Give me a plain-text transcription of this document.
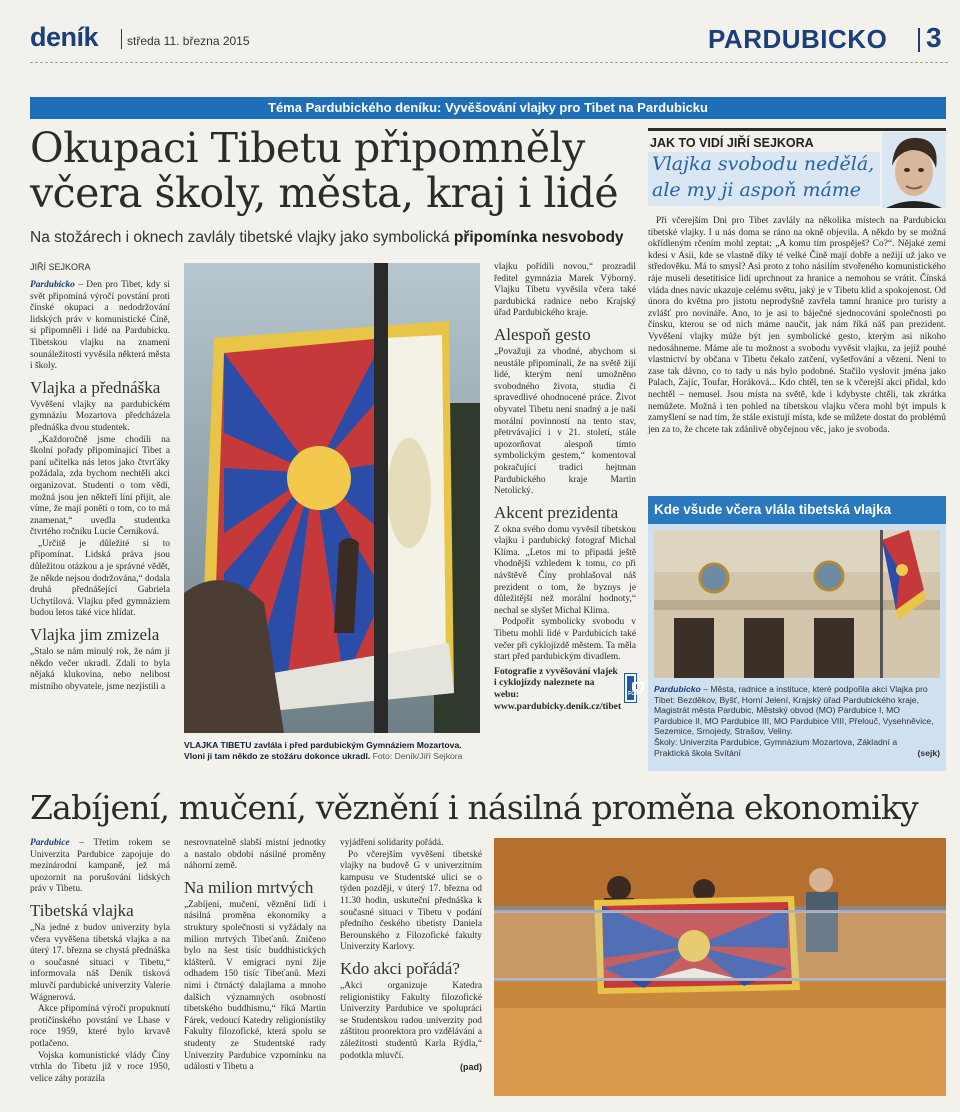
deník středa 11. března 2015	PARDUBICKO 3
Téma Pardubického deníku: Vyvěšování vlajky pro Tibet na Pardubicku
Okupaci Tibetu připomněly
včera školy, města, kraj i lidé
Na stožárech i oknech zavlály tibetské vlajky jako symbolická připomínka nesvobody
JIŘÍ SEJKORA

Pardubicko – Den pro Tibet, kdy si svět připomíná výročí povstání proti čínské okupaci a nedodržování lidských práv v komunistické Číně, si připomněli i lidé na Pardubicku. Tibetskou vlajku na znamení sounáležitosti vyvěsila některá města i školy.

Vlajka a přednáška

Vyvěšení vlajky na pardubickém gymnáziu Mozartova předcházela přednáška dvou studentek.

„Každoročně jsme chodili na školní pořady připomínající Tibet a paní učitelka nás letos jako čtvrťáky požádala, zda bychom nechtěli akci organizovat. Studenti o tom vědí, možná jsou jen někteří líní přijít, ale víme, že mají ponětí o tom, co to má znamenat,“ uvedla studentka čtvrtého ročníku Lucie Černíková.

„Určitě je důležité si to připomínat. Lidská práva jsou důležitou otázkou a je správné vědět, že někde nejsou dodržována,“ dodala druhá přednášející Gabriela Uchytilová. Vlajku před gymnáziem budou letos také více hlídat.

Vlajka jim zmizela

„Stalo se nám minulý rok, že nám ji někdo večer ukradl. Zdali to byla nějaká klukovina, nebo nelibost místního obyvatele, jsme nezjistili a

VLAJKA TIBETU zavlála i před pardubickým Gymnáziem Mozartova. Vloni ji tam někdo ze stožáru dokonce ukradl. Foto: Deník/Jiří Sejkora

vlajku pořídili novou,“ prozradil ředitel gymnázia Marek Výborný. Vlajku Tibetu vyvěsila včera také pardubická radnice nebo Krajský úřad Pardubického kraje.

Alespoň gesto

„Považuji za vhodné, abychom si neustále připomínali, že na světě žijí lidé, kterým není umožněno svobodného života, studia či spravedlivé ohodnocené práce. Život obyvatel Tibetu není snadný a je naší morální povinností na tento stav, přetrvávající i v 21. století, stále upozorňovat alespoň tímto symbolickým gestem,“ komentoval pokračující tradici hejtman Pardubického kraje Martin Netolický.

Akcent prezidenta

Z okna svého domu vyvěsil tibetskou vlajku i pardubický fotograf Michal Klíma. „Letos mi to připadá ještě vhodnější vzhledem k tomu, co při návštěvě Číny prohlašoval náš prezident o tom, že byznys je důležitější než morální hodnoty,“ nechal se slyšet Michal Klíma.

Podpořit symbolicky svobodu v Tibetu mohli lidé v Pardubicích také večer při cyklojízdě městem. Ta měla start před pardubickým divadlem.

Fotografie z vyvěšování vlajek i cyklojízdy naleznete na webu: www.pardubicky.denik.cz/tibet

FOTO
JAK TO VIDÍ JIŘÍ SEJKORA
Vlajka svobodu nedělá,
ale my ji aspoň máme

Při včerejším Dni pro Tibet zavlály na několika místech na Pardubicku tibetské vlajky. I u nás doma se ráno na okně objevila. A někdo by se možná okřídleným rčením mohl zeptat: „A komu tím prospěješ? Co?“. Nějaké zemi kdesi v Asii, kde se vlastně díky té velké Číně mají dobře a nežijí už jako ve středověku. Má to smysl? Asi proto z toho násilím stvořeného komunistického ráje museli desetitisíce lidí uprchnout za hranice a nemohou se vrátit. Čínská vláda dnes navíc ukazuje celému světu, jaký je v Tibetu klid a spokojenost. Od února do května pro jistotu neprodyšně zavřela tamní hranice pro turisty a zvlášť pro novináře. Ano, to je asi to báječné sjednocování společnosti po čínsku, kterou se od nich máme naučit, jak nám říká náš pan prezident. Vyvěšení vlajky může být jen symbolické gesto, kterým asi nikoho nedosáhneme. Máme ale tu možnost a svobodu vyvěsit vlajku, za jejíž pouhé vlastnictví by občana v Tibetu čekalo zatčení, vyšetřování a vězení. Není to zase tak dávno, co to tady u nás bylo podobné. Stačilo vyslovit jména jako Palach, Zajíc, Toufar, Horáková... Kdo chtěl, ten se k včerejší akci přidal, kdo nechtěl – nemusel. Jsou místa na světě, kde i kdybyste chtěli, tak zkrátka nemůžete. Možná i ten pohled na tibetskou vlajku včera mohl být impuls k zamyšlení se nad tím, že stále existují místa, kde se můžete dostat do problémů jen za to, že chcete tak zdánlivě obyčejnou věc, jako je svoboda.

Kde všude včera vlála tibetská vlajka
Pardubicko – Města, radnice a instituce, které podpořila akci Vlajka pro Tibet: Bezděkov, Byšť, Horní Jelení, Krajský úřad Pardubického kraje, Magistrát města Pardubic, Městský obvod (MO) Pardubice I, MO Pardubice II, MO Pardubice III, MO Pardubice VIII, Přelouč, Vysehněvice, Sezemice, Srnojedy, Strašov, Veliny.
Školy: Univerzita Pardubice, Gymnázium Mozartova, Základní a Praktická škola Svítání	(sejk)
Zabíjení, mučení, věznění i násilná proměna ekonomiky

Pardubice – Třetím rokem se Univerzita Pardubice zapojuje do mezinárodní kampaně, jež má upozornit na porušování lidských práv v Tibetu.

Tibetská vlajka

„Na jedné z budov univerzity byla včera vyvěšena tibetská vlajka a na úterý 17. března se chystá přednáška o současné situaci v Tibetu,“ informovala náš Deník tisková mluvčí pardubické univerzity Valerie Wágnerová.

Akce připomíná výročí propuknutí protičínského povstání ve Lhase v roce 1959, které bylo krvavě potlačeno.

Vojska komunistické vlády Číny vtrhla do Tibetu již v roce 1950, velice záhy porazila

nesrovnatelně slabší místní jednotky a nastalo období násilné proměny náhorní země.

Na milion mrtvých

„Zabíjení, mučení, věznění lidí i násilná proměna ekonomiky a struktury společnosti si vyžádaly na milion mrtvých Tibeťanů. Zničeno bylo na šest tisíc buddhistických klášterů. V emigraci nyní žije odhadem 150 tisíc Tibeťanů. Mezi nimi i čtrnáctý dalajlama a mnoho dalších významných osobností tibetského buddhismu,“ říká Martin Fárek, vedoucí Katedry religionistiky Fakulty filozofické, která spolu se studenty ze Studentské rady Univerzity Pardubice vzpomínku na události v Tibetu a

vyjádření solidarity pořádá.

Po včerejším vyvěšení tibetské vlajky na budově G v univerzitním kampusu ve Studentské ulici se o týden později, v úterý 17. března od 11.30 hodin, uskuteční přednáška k současné situaci v Tibetu v podání předního českého tibetisty Daniela Berounského z Filozofické fakulty Univerzity Karlovy.

Kdo akci pořádá?

„Akci organizuje Katedra religionistiky Fakulty filozofické Univerzity Pardubice ve spolupráci se Studentskou radou univerzity pod záštitou proorektora pro vzdělávání a záležitosti studentů Karla Rýdla,“ podotkla mluvčí.

(pad)
